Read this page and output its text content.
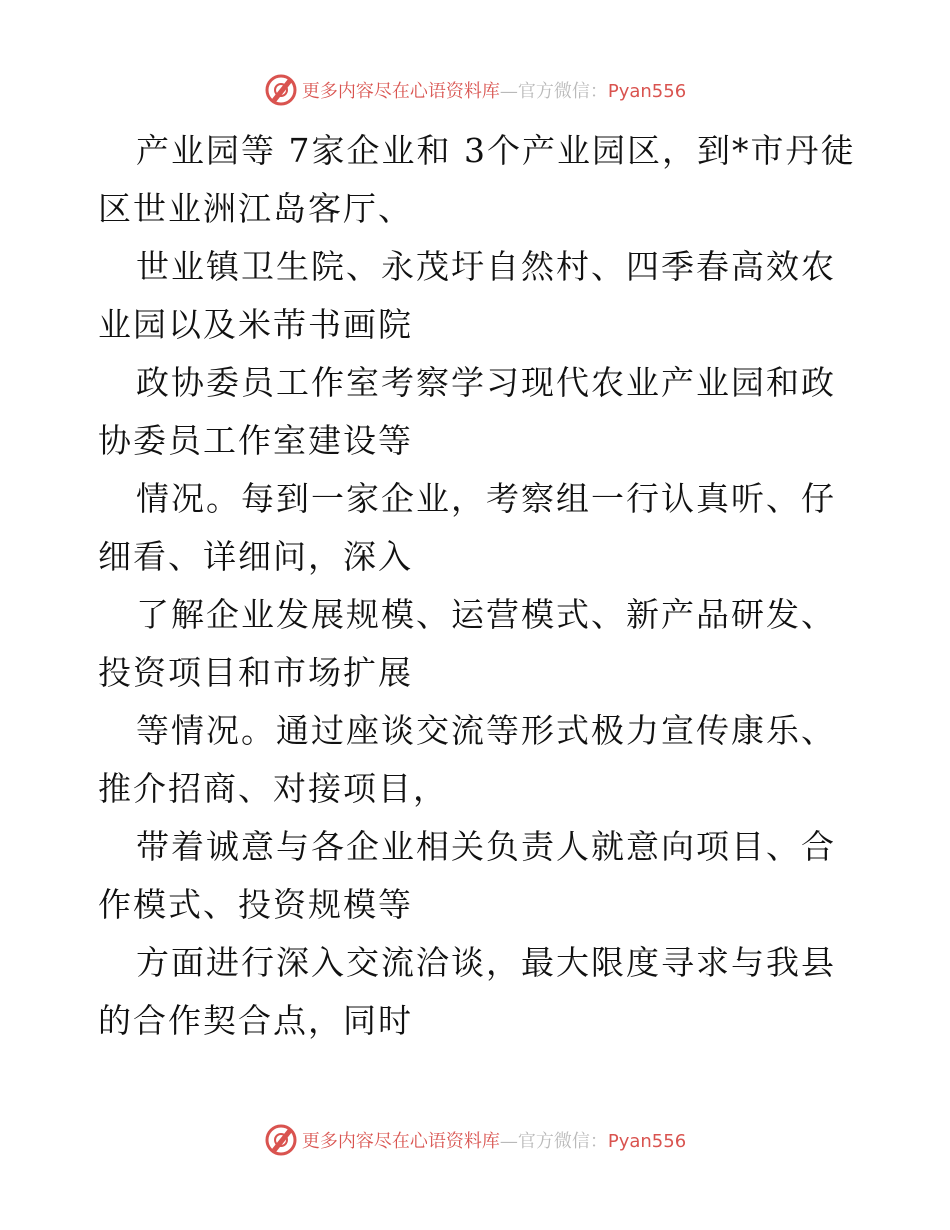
更多内容尽在心语资料库—官方微信：Pyan556

产业园等 7家企业和 3个产业园区，到*市丹徒区世业洲江岛客厅、

世业镇卫生院、永茂圩自然村、四季春高效农业园以及米芾书画院

政协委员工作室考察学习现代农业产业园和政协委员工作室建设等

情况。每到一家企业，考察组一行认真听、仔细看、详细问，深入

了解企业发展规模、运营模式、新产品研发、投资项目和市场扩展

等情况。通过座谈交流等形式极力宣传康乐、推介招商、对接项目，

带着诚意与各企业相关负责人就意向项目、合作模式、投资规模等

方面进行深入交流洽谈，最大限度寻求与我县的合作契合点，同时

更多内容尽在心语资料库—官方微信：Pyan556
